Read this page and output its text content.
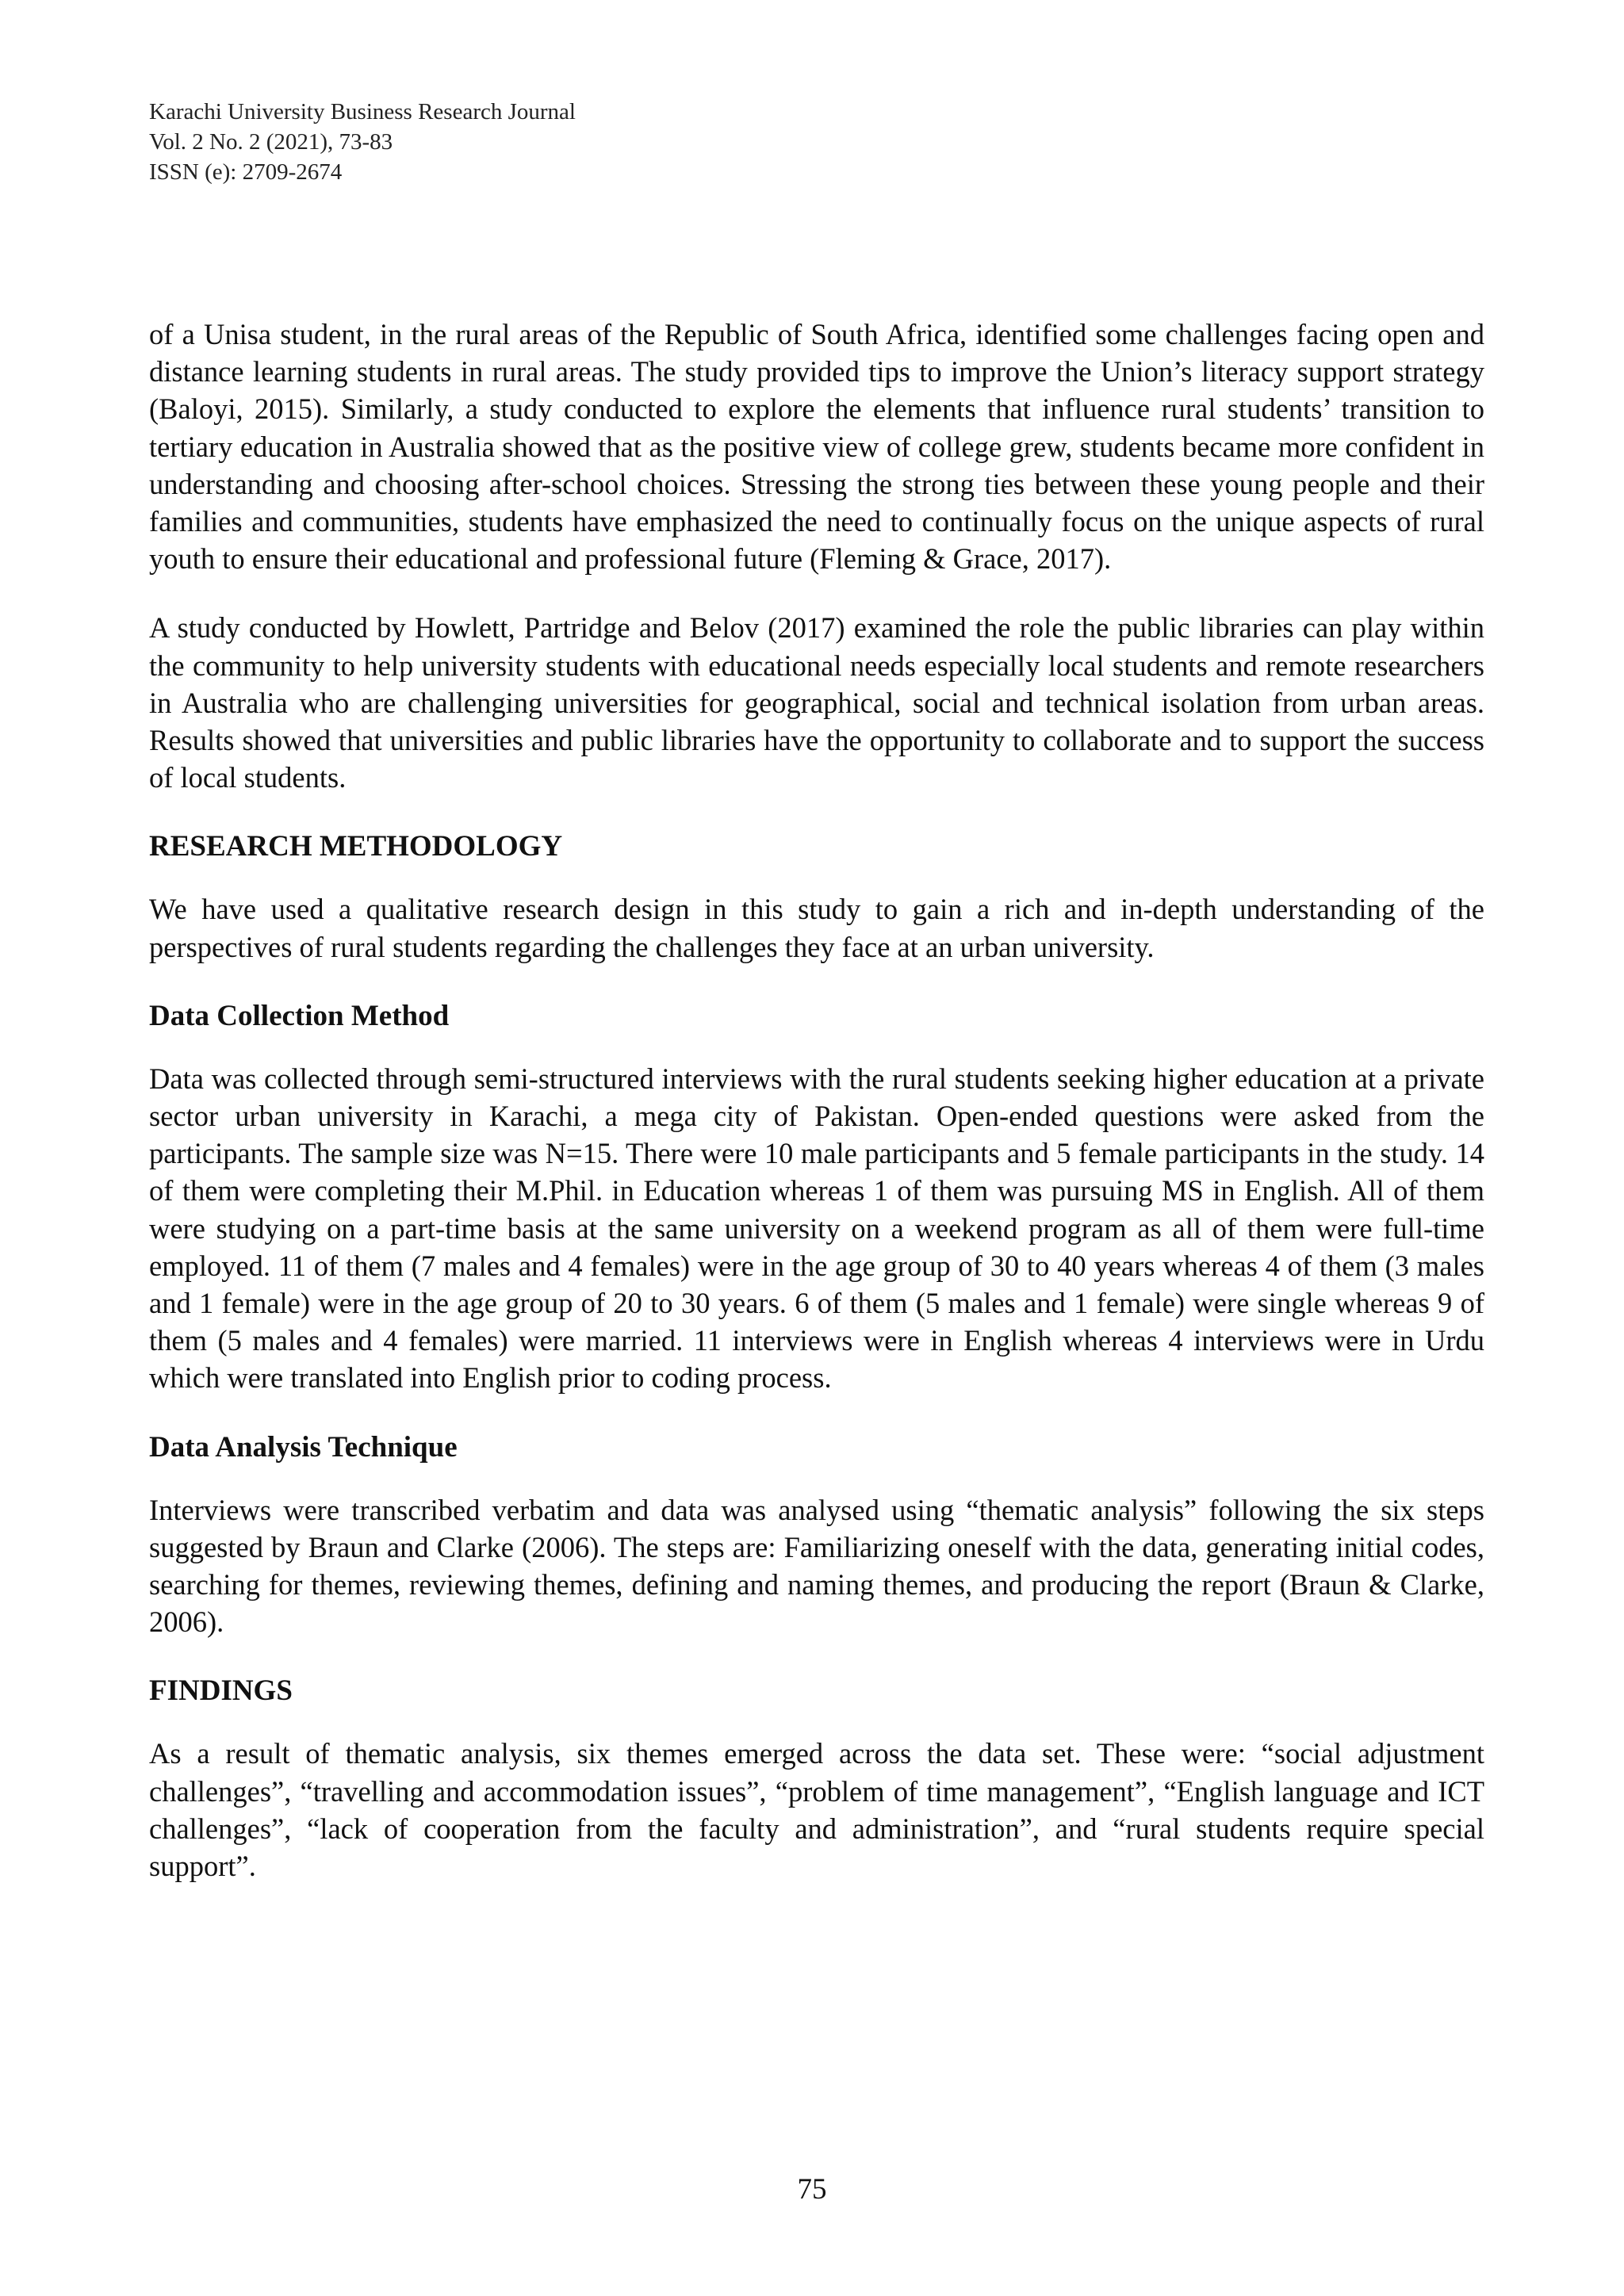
Karachi University Business Research Journal
Vol. 2 No. 2 (2021), 73-83
ISSN (e): 2709-2674

of a Unisa student, in the rural areas of the Republic of South Africa, identified some challenges facing open and distance learning students in rural areas. The study provided tips to improve the Union’s literacy support strategy (Baloyi, 2015). Similarly, a study conducted to explore the elements that influence rural students’ transition to tertiary education in Australia showed that as the positive view of college grew, students became more confident in understanding and choosing after-school choices. Stressing the strong ties between these young people and their families and communities, students have emphasized the need to continually focus on the unique aspects of rural youth to ensure their educational and professional future (Fleming & Grace, 2017).

A study conducted by Howlett, Partridge and Belov (2017) examined the role the public libraries can play within the community to help university students with educational needs especially local students and remote researchers in Australia who are challenging universities for geographical, social and technical isolation from urban areas. Results showed that universities and public libraries have the opportunity to collaborate and to support the success of local students.

RESEARCH METHODOLOGY

We have used a qualitative research design in this study to gain a rich and in-depth understanding of the perspectives of rural students regarding the challenges they face at an urban university.

Data Collection Method

Data was collected through semi-structured interviews with the rural students seeking higher education at a private sector urban university in Karachi, a mega city of Pakistan. Open-ended questions were asked from the participants. The sample size was N=15. There were 10 male participants and 5 female participants in the study. 14 of them were completing their M.Phil. in Education whereas 1 of them was pursuing MS in English. All of them were studying on a part-time basis at the same university on a weekend program as all of them were full-time employed. 11 of them (7 males and 4 females) were in the age group of 30 to 40 years whereas 4 of them (3 males and 1 female) were in the age group of 20 to 30 years. 6 of them (5 males and 1 female) were single whereas 9 of them (5 males and 4 females) were married. 11 interviews were in English whereas 4 interviews were in Urdu which were translated into English prior to coding process.

Data Analysis Technique

Interviews were transcribed verbatim and data was analysed using “thematic analysis” following the six steps suggested by Braun and Clarke (2006). The steps are: Familiarizing oneself with the data, generating initial codes, searching for themes, reviewing themes, defining and naming themes, and producing the report (Braun & Clarke, 2006).

FINDINGS

As a result of thematic analysis, six themes emerged across the data set. These were: “social adjustment challenges”, “travelling and accommodation issues”, “problem of time management”, “English language and ICT challenges”, “lack of cooperation from the faculty and administration”, and “rural students require special support”.

75
